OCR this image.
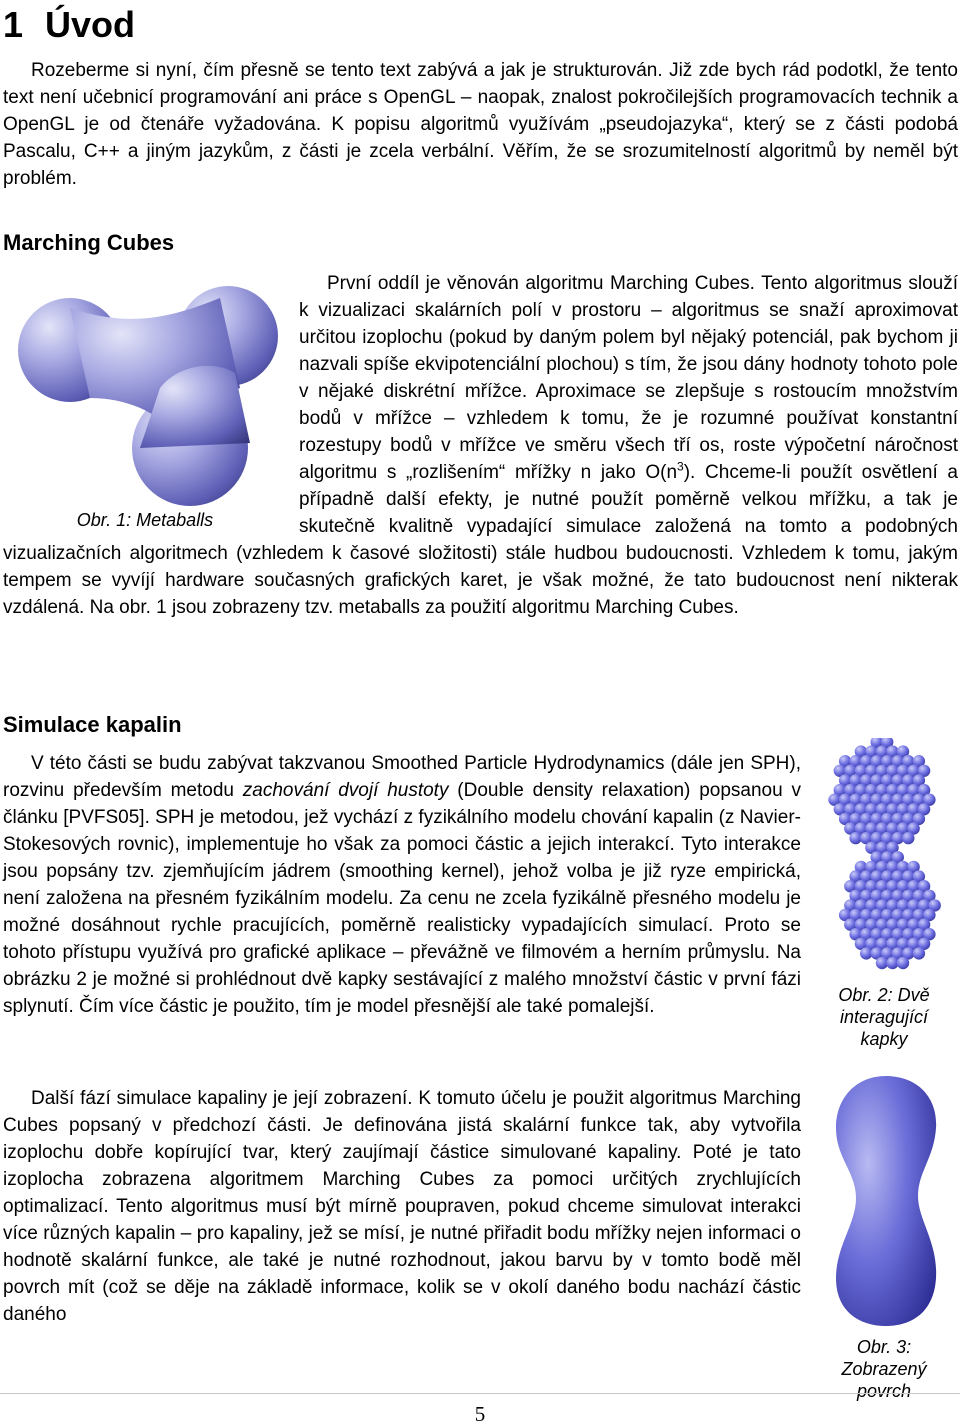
1 Úvod

Rozeberme si nyní, čím přesně se tento text zabývá a jak je strukturován. Již zde bych rád podotkl, že tento text není učebnicí programování ani práce s OpenGL – naopak, znalost pokročilejších programovacích technik a OpenGL je od čtenáře vyžadována. K popisu algoritmů využívám „pseudojazyka“, který se z části podobá Pascalu, C++ a jiným jazykům, z části je zcela verbální. Věřím, že se srozumitelností algoritmů by neměl být problém.

Marching Cubes

Obr. 1: Metaballs

První oddíl je věnován algoritmu Marching Cubes. Tento algoritmus slouží k vizualizaci skalárních polí v prostoru – algoritmus se snaží aproximovat určitou izoplochu (pokud by daným polem byl nějaký potenciál, pak bychom ji nazvali spíše ekvipotenciální plochou) s tím, že jsou dány hodnoty tohoto pole v nějaké diskrétní mřížce. Aproximace se zlepšuje s rostoucím množstvím bodů v mřížce – vzhledem k tomu, že je rozumné používat konstantní rozestupy bodů v mřížce ve směru všech tří os, roste výpočetní náročnost algoritmu s „rozlišením“ mřížky n jako $O(n^3)$. Chceme-li použít osvětlení a případně další efekty, je nutné použít poměrně velkou mřížku, a tak je skutečně kvalitně vypadající simulace založená na tomto a podobných vizualizačních algoritmech (vzhledem k časové složitosti) stále hudbou budoucnosti. Vzhledem k tomu, jakým tempem se vyvíjí hardware současných grafických karet, je však možné, že tato budoucnost není nikterak vzdálená. Na obr. 1 jsou zobrazeny tzv. metaballs za použití algoritmu Marching Cubes.
Simulace kapalin

V této části se budu zabývat takzvanou Smoothed Particle Hydrodynamics (dále jen SPH), rozvinu především metodu zachování dvojí hustoty (Double density relaxation) popsanou v článku [PVFS05]. SPH je metodou, jež vychází z fyzikálního modelu chování kapalin (z Navier-Stokesových rovnic), implementuje ho však za pomoci částic a jejich interakcí. Tyto interakce jsou popsány tzv. zjemňujícím jádrem (smoothing kernel), jehož volba je již ryze empirická, není založena na přesném fyzikálním modelu. Za cenu ne zcela fyzikálně přesného modelu je možné dosáhnout rychle pracujících, poměrně realisticky vypadajících simulací. Proto se tohoto přístupu využívá pro grafické aplikace – převážně ve filmovém a herním průmyslu. Na obrázku 2 je možné si prohlédnout dvě kapky sestávající z malého množství částic v první fázi splynutí. Čím více částic je použito, tím je model přesnější ale také pomalejší.

Další fází simulace kapaliny je její zobrazení. K tomuto účelu je použit algoritmus Marching Cubes popsaný v předchozí části. Je definována jistá skalární funkce tak, aby vytvořila izoplochu dobře kopírující tvar, který zaujímají částice simulované kapaliny. Poté je tato izoplocha zobrazena algoritmem Marching Cubes za pomoci určitých zrychlujících optimalizací. Tento algoritmus musí být mírně poupraven, pokud chceme simulovat interakci více různých kapalin – pro kapaliny, jež se mísí, je nutné přiřadit bodu mřížky nejen informaci o hodnotě skalární funkce, ale také je nutné rozhodnout, jakou barvu by v tomto bodě měl povrch mít (což se děje na základě informace, kolik se v okolí daného bodu nachází částic daného

Obr. 2: Dvě interagující kapky

Obr. 3: Zobrazený povrch

5
